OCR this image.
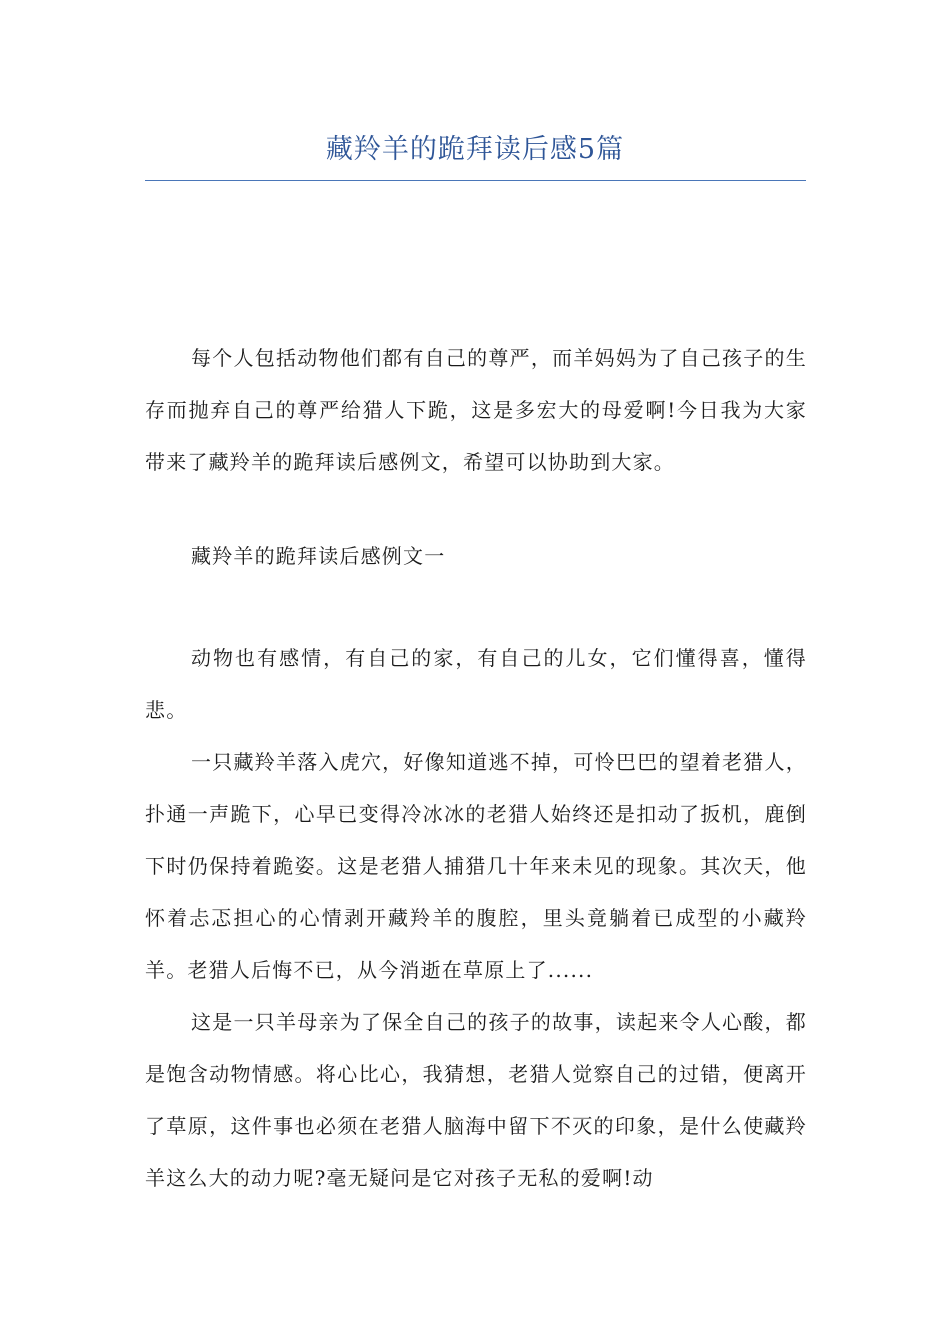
藏羚羊的跪拜读后感5篇

每个人包括动物他们都有自己的尊严，而羊妈妈为了自己孩子的生存而抛弃自己的尊严给猎人下跪，这是多宏大的母爱啊!今日我为大家带来了藏羚羊的跪拜读后感例文，希望可以协助到大家。

藏羚羊的跪拜读后感例文一

动物也有感情，有自己的家，有自己的儿女，它们懂得喜，懂得悲。

一只藏羚羊落入虎穴，好像知道逃不掉，可怜巴巴的望着老猎人，扑通一声跪下，心早已变得冷冰冰的老猎人始终还是扣动了扳机，鹿倒下时仍保持着跪姿。这是老猎人捕猎几十年来未见的现象。其次天，他怀着忐忑担心的心情剥开藏羚羊的腹腔，里头竟躺着已成型的小藏羚羊。老猎人后悔不已，从今消逝在草原上了......

这是一只羊母亲为了保全自己的孩子的故事，读起来令人心酸，都是饱含动物情感。将心比心，我猜想，老猎人觉察自己的过错，便离开了草原，这件事也必须在老猎人脑海中留下不灭的印象，是什么使藏羚羊这么大的动力呢?毫无疑问是它对孩子无私的爱啊!动
